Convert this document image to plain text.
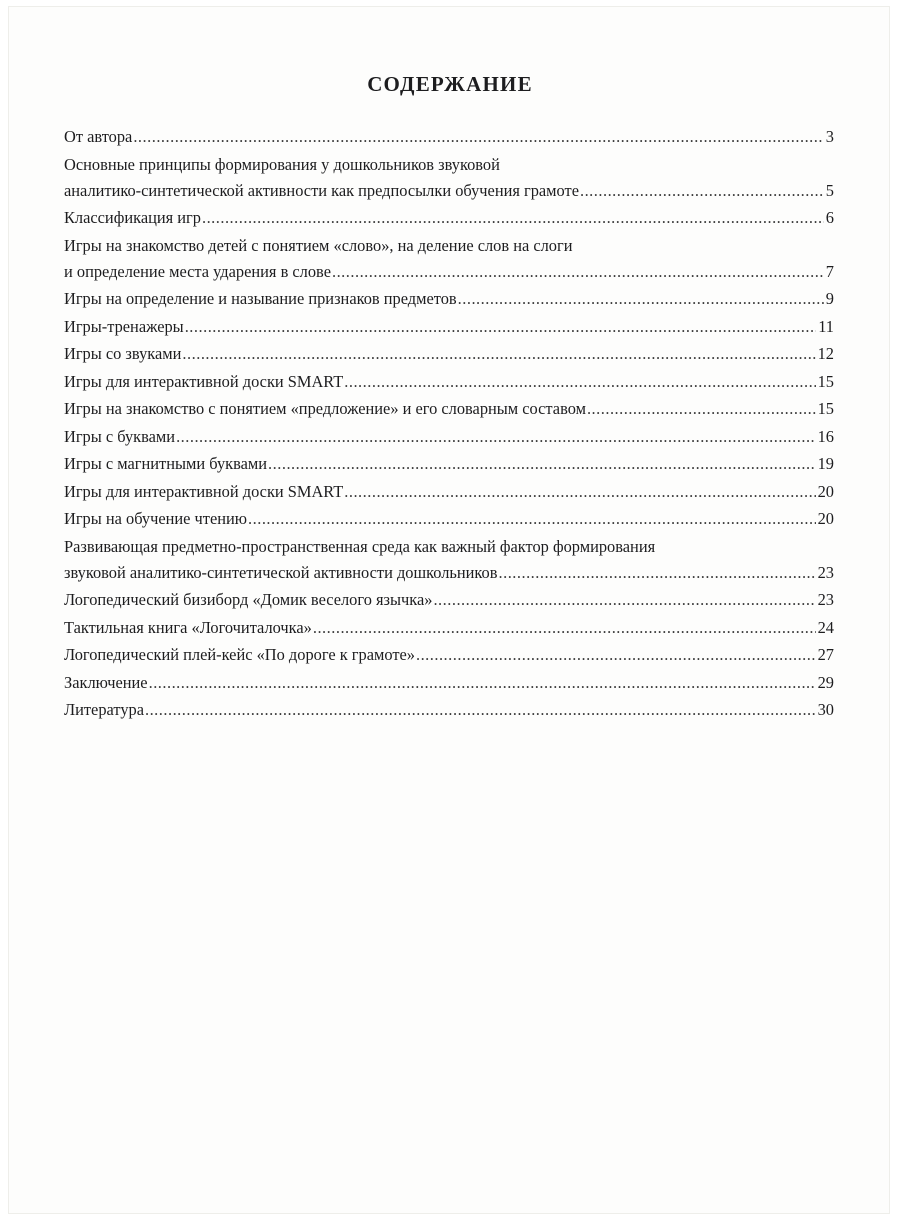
СОДЕРЖАНИЕ
От автора .....	3
Основные принципы формирования у дошкольников звуковой
аналитико-синтетической активности как предпосылки обучения грамоте .....	5
Классификация игр .....	6
Игры на знакомство детей с понятием «слово», на деление слов на слоги
и определение места ударения в слове .....	7
Игры на определение и называние признаков предметов .....	9
Игры-тренажеры .....	11
Игры со звуками .....	12
Игры для интерактивной доски SMART .....	15
Игры на знакомство с понятием «предложение» и его словарным составом .....	15
Игры с буквами .....	16
Игры с магнитными буквами .....	19
Игры для интерактивной доски SMART .....	20
Игры на обучение чтению .....	20
Развивающая предметно-пространственная среда как важный фактор формирования
звуковой аналитико-синтетической активности дошкольников .....	23
Логопедический бизиборд «Домик веселого язычка» .....	23
Тактильная книга «Логочиталочка» .....	24
Логопедический плей-кейс «По дороге к грамоте» .....	27
Заключение .....	29
Литература .....	30
